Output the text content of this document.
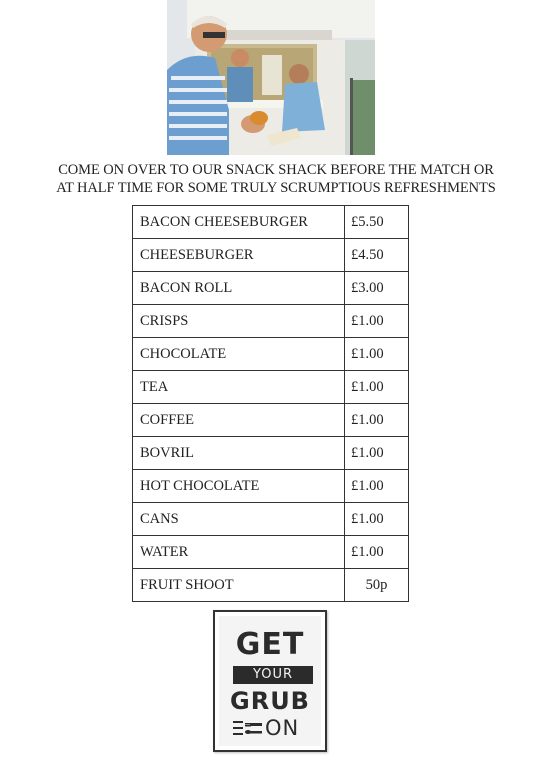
COME ON OVER TO OUR SNACK SHACK BEFORE THE MATCH OR
AT HALF TIME FOR SOME TRULY SCRUMPTIOUS REFRESHMENTS
BACON CHEESEBURGER	£5.50
CHEESEBURGER	£4.50
BACON ROLL	£3.00
CRISPS	£1.00
CHOCOLATE	£1.00
TEA	£1.00
COFFEE	£1.00
BOVRIL	£1.00
HOT CHOCOLATE	£1.00
CANS	£1.00
WATER	£1.00
FRUIT SHOOT	50p
GET
YOUR
GRUB
ON
